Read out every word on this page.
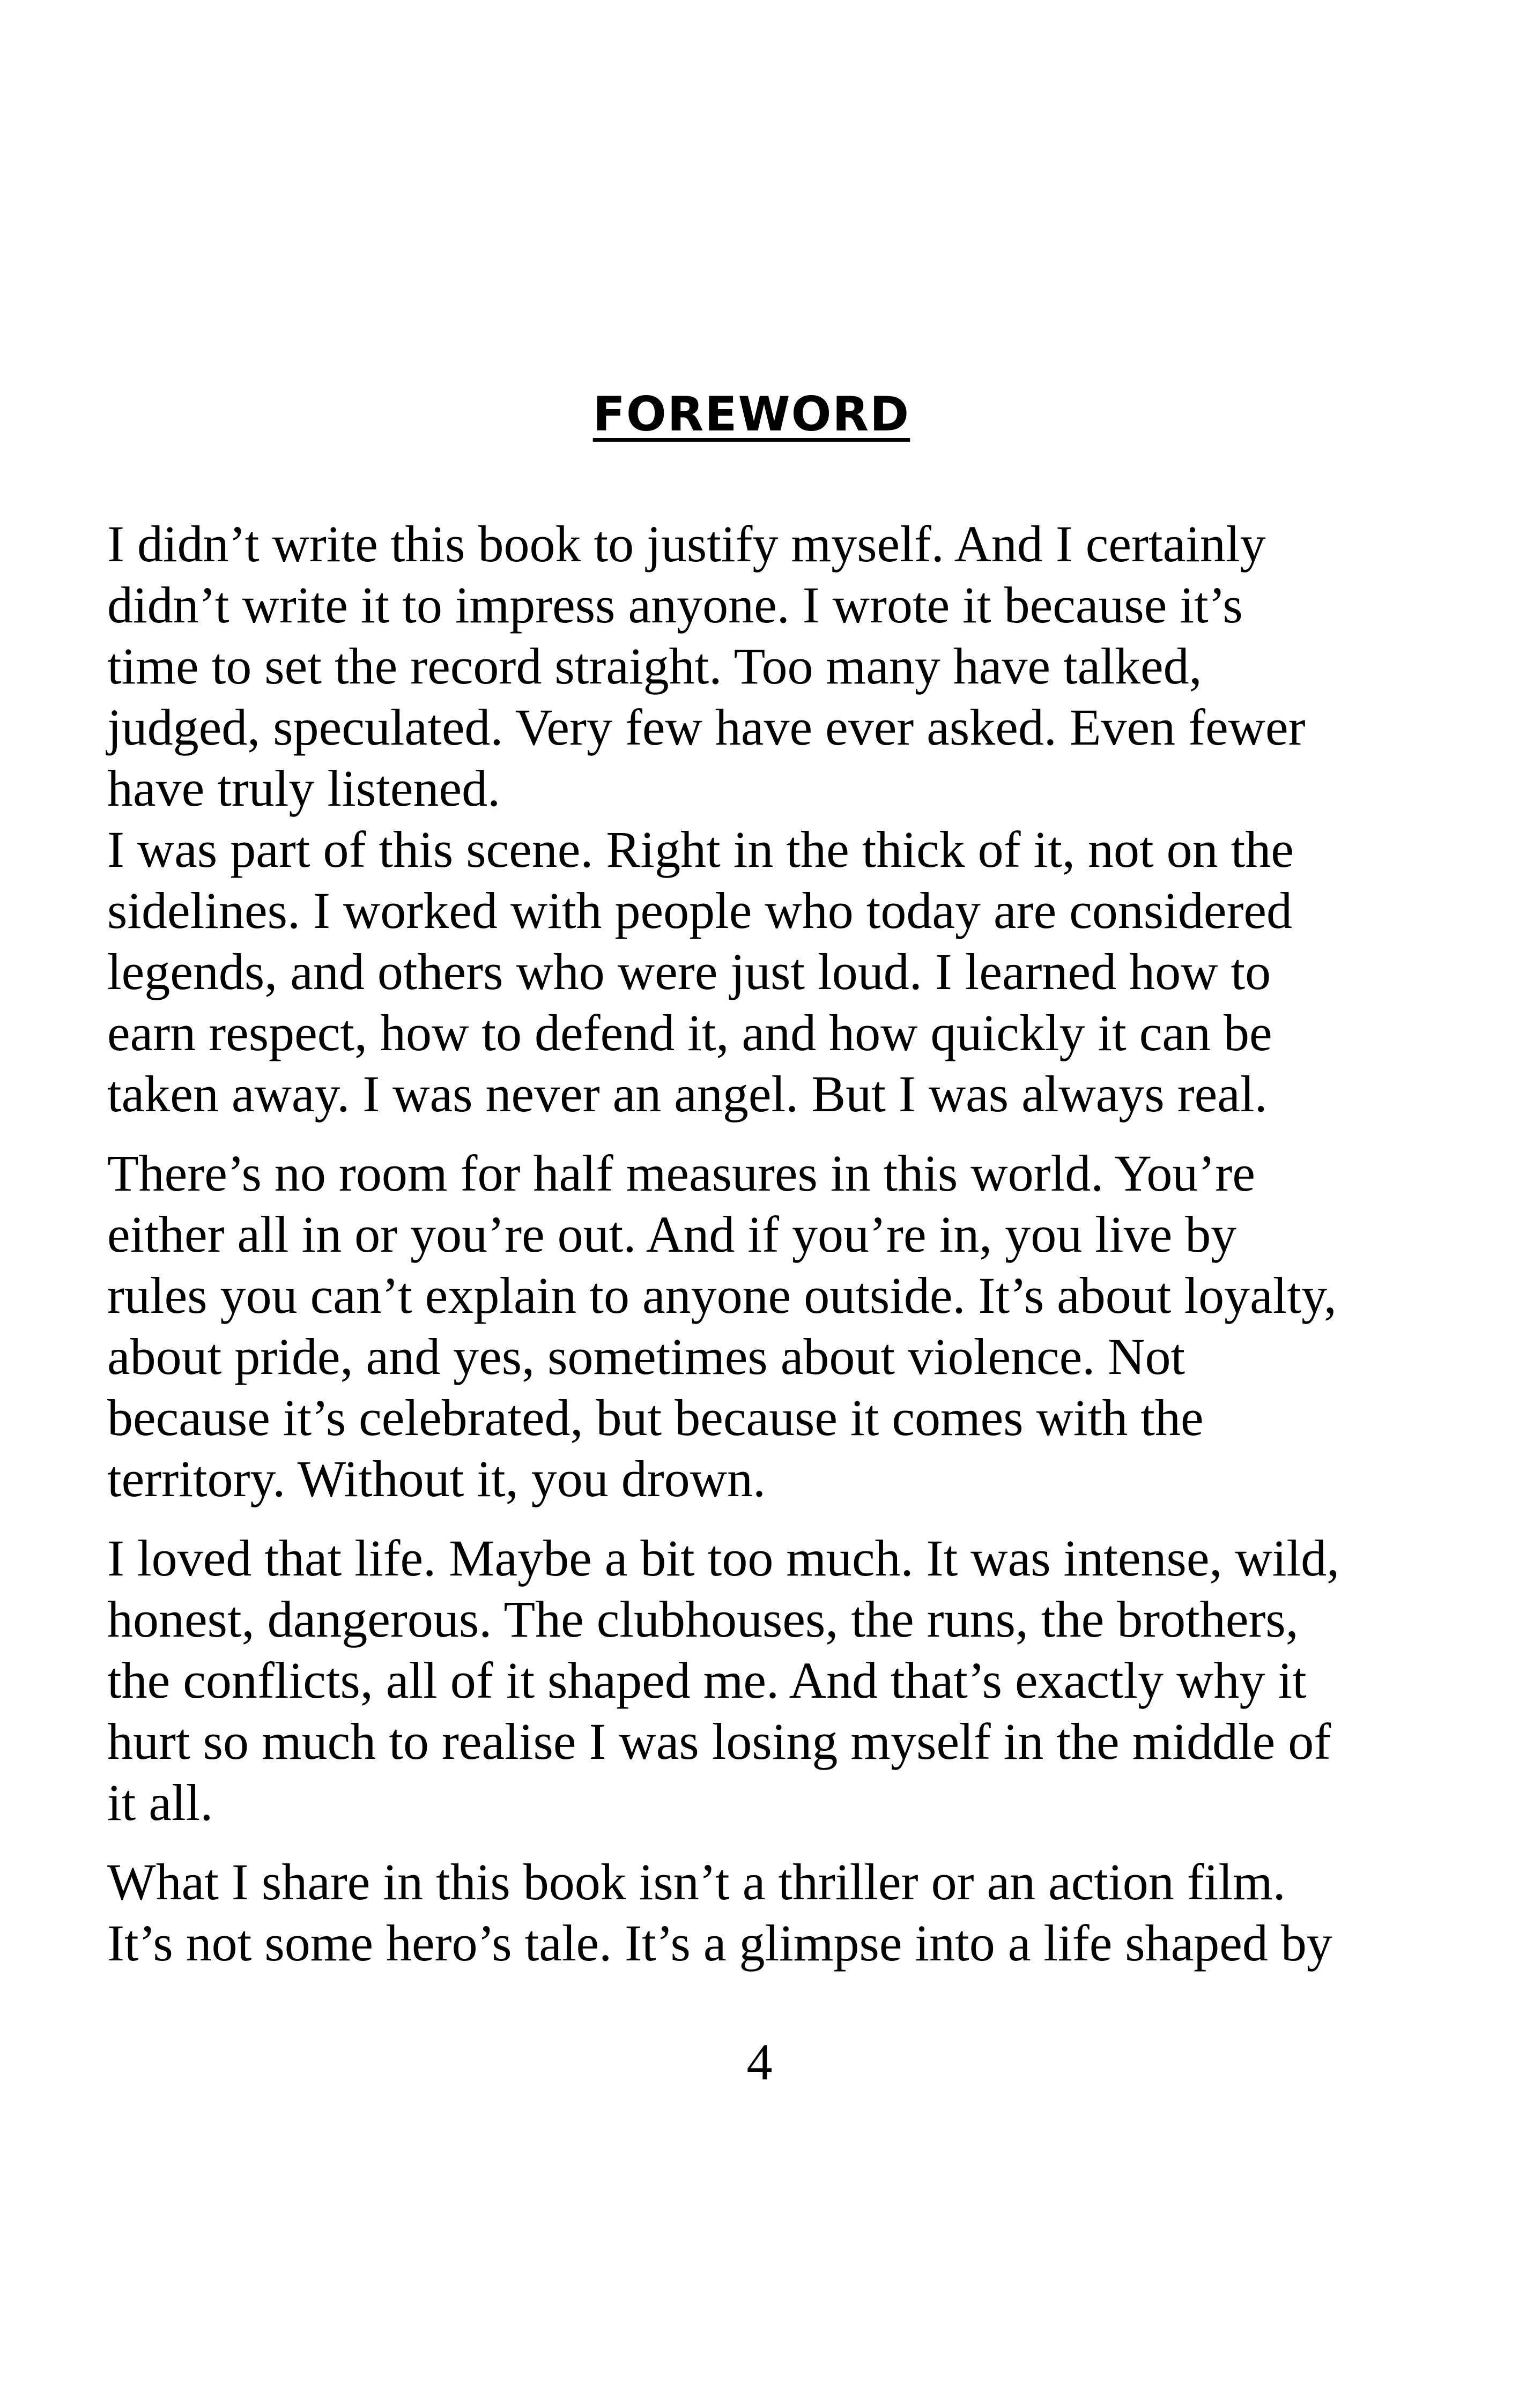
FOREWORD

I didn’t write this book to justify myself. And I certainly
didn’t write it to impress anyone. I wrote it because it’s
time to set the record straight. Too many have talked,
judged, speculated. Very few have ever asked. Even fewer
have truly listened.

I was part of this scene. Right in the thick of it, not on the
sidelines. I worked with people who today are considered
legends, and others who were just loud. I learned how to
earn respect, how to defend it, and how quickly it can be
taken away. I was never an angel. But I was always real.

There’s no room for half measures in this world. You’re
either all in or you’re out. And if you’re in, you live by
rules you can’t explain to anyone outside. It’s about loyalty,
about pride, and yes, sometimes about violence. Not
because it’s celebrated, but because it comes with the
territory. Without it, you drown.

I loved that life. Maybe a bit too much. It was intense, wild,
honest, dangerous. The clubhouses, the runs, the brothers,
the conflicts, all of it shaped me. And that’s exactly why it
hurt so much to realise I was losing myself in the middle of
it all.

What I share in this book isn’t a thriller or an action film.
It’s not some hero’s tale. It’s a glimpse into a life shaped by

4
